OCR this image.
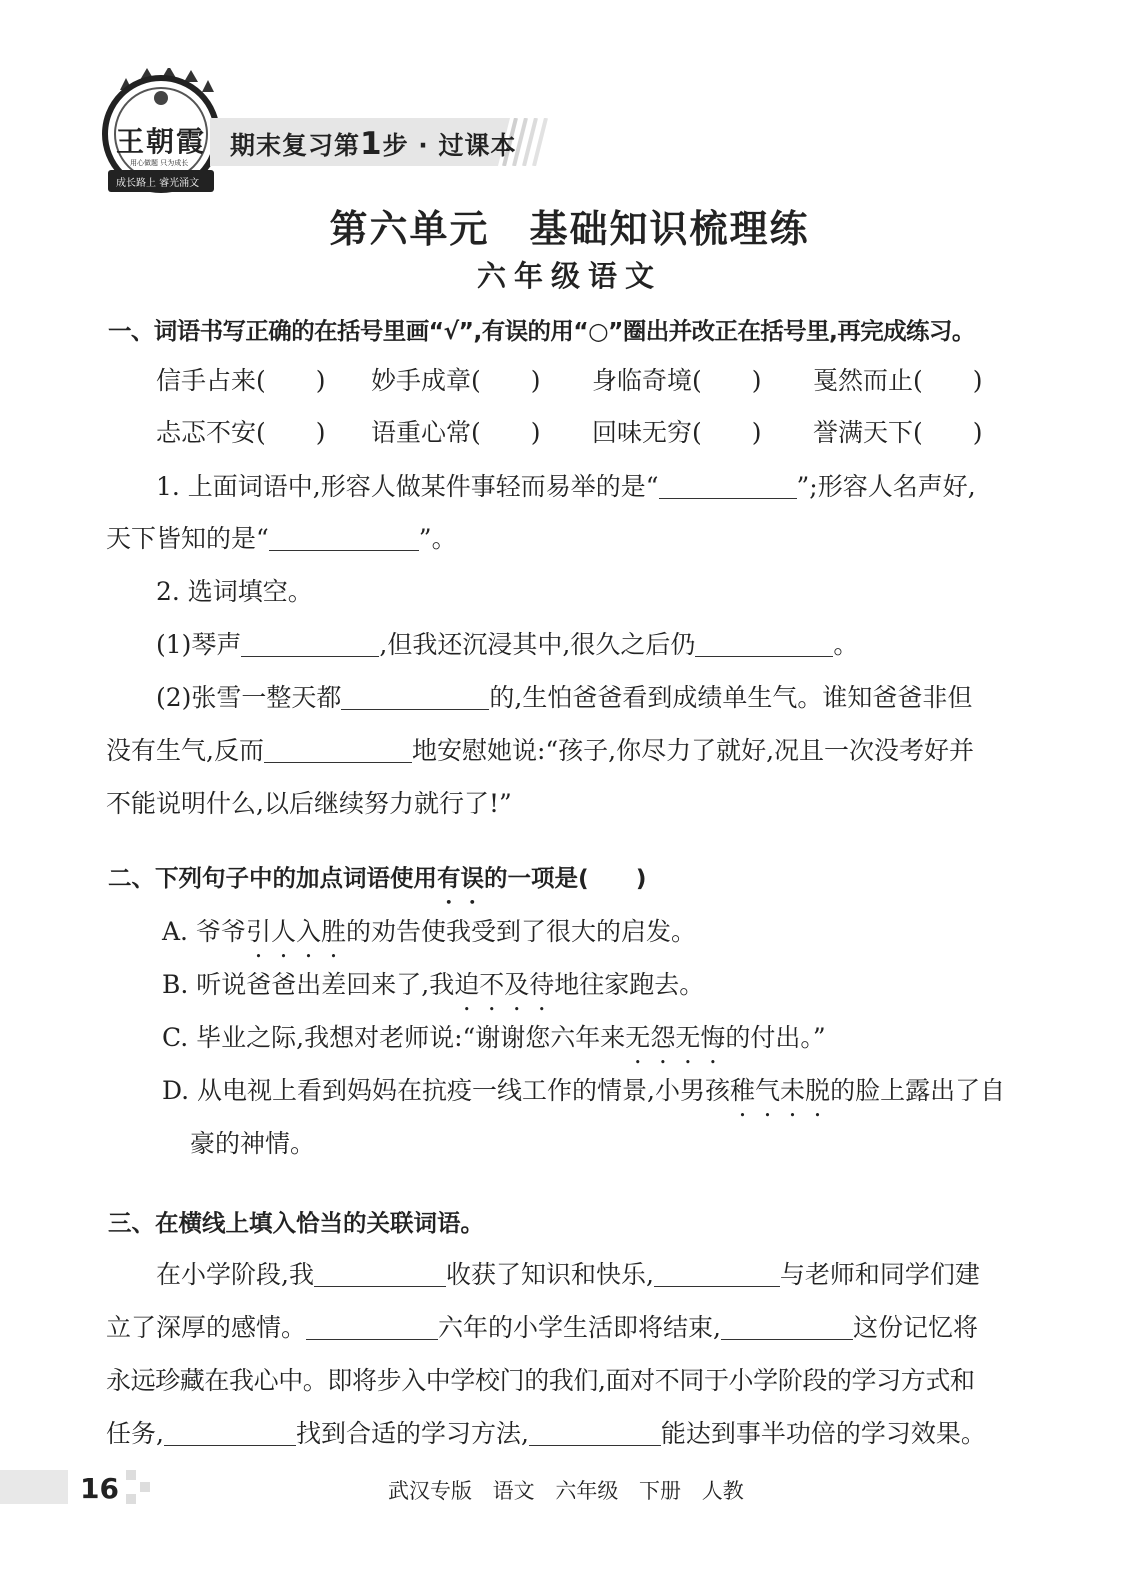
王朝霞
用心做题 只为成长
成长路上 睿光涌文
期末复习第1步 · 过课本
第六单元　基础知识梳理练
六年级语文
一、词语书写正确的在括号里画“√”,有误的用“○”圈出并改正在括号里,再完成练习。
信手占来(　　) 妙手成章(　　) 身临奇境(　　) 戛然而止(　　)
忐忑不安(　　) 语重心常(　　) 回味无穷(　　) 誉满天下(　　)
1. 上面词语中,形容人做某件事轻而易举的是“	”;形容人名声好,
天下皆知的是“	”。
2. 选词填空。
(1)琴声	,但我还沉浸其中,很久之后仍	。
(2)张雪一整天都	的,生怕爸爸看到成绩单生气。谁知爸爸非但
没有生气,反而	地安慰她说:“孩子,你尽力了就好,况且一次没考好并
不能说明什么,以后继续努力就行了!”
二、下列句子中的加点词语使用有误的一项是(　　)
A. 爷爷引人入胜的劝告使我受到了很大的启发。
B. 听说爸爸出差回来了,我迫不及待地往家跑去。
C. 毕业之际,我想对老师说:“谢谢您六年来无怨无悔的付出。”
D. 从电视上看到妈妈在抗疫一线工作的情景,小男孩稚气未脱的脸上露出了自
豪的神情。
三、在横线上填入恰当的关联词语。
在小学阶段,我	收获了知识和快乐,	与老师和同学们建
立了深厚的感情。	六年的小学生活即将结束,	这份记忆将
永远珍藏在我心中。即将步入中学校门的我们,面对不同于小学阶段的学习方式和
任务,	找到合适的学习方法,	能达到事半功倍的学习效果。
16	武汉专版 语文 六年级 下册 人教
